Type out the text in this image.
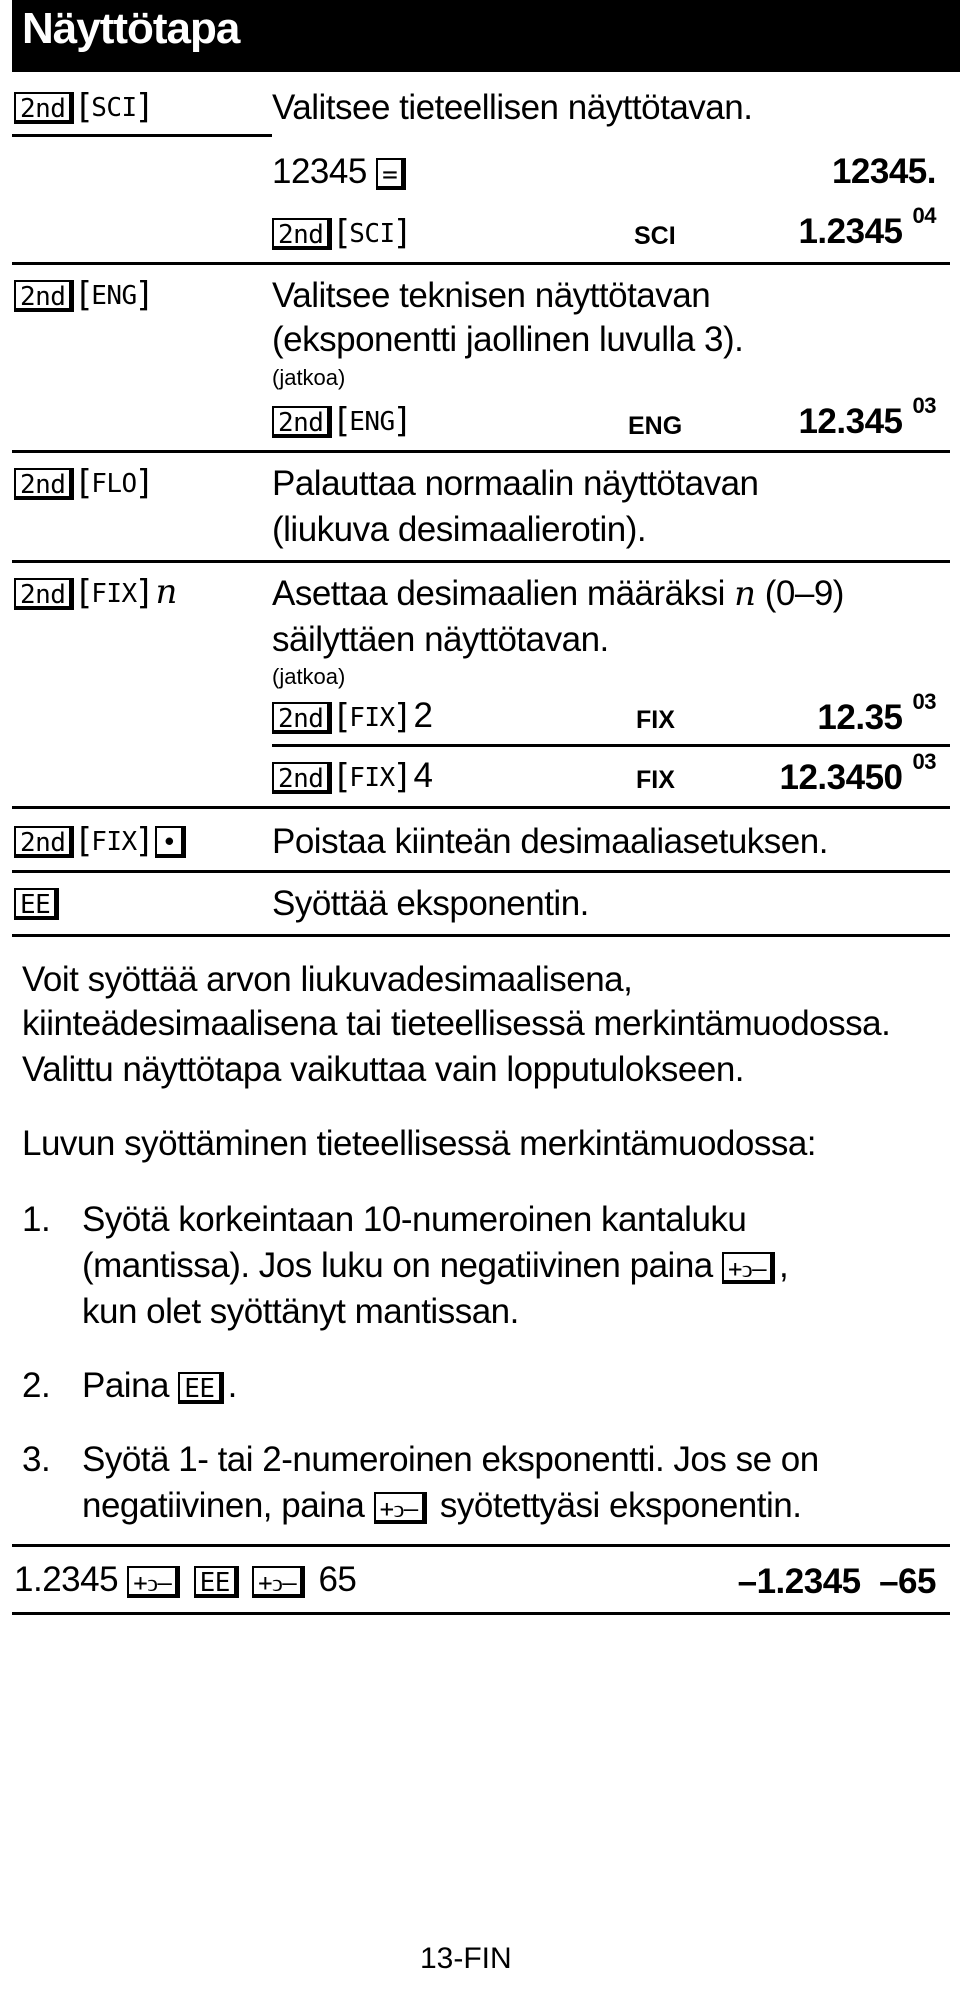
Näyttötapa
2nd [SCI]	Valitsee tieteellisen näyttötavan.
12345 =	12345.
2nd [SCI]	SCI	1.2345 $^{04}$
2nd [ENG]	Valitsee teknisen näyttötavan
(eksponentti jaollinen luvulla 3).
(jatkoa)
2nd [ENG]	ENG	12.345 $^{03}$
2nd [FLO]	Palauttaa normaalin näyttötavan
(liukuva desimaalierotin).
2nd [FIX] n	Asettaa desimaalien määräksi n (0–9)
säilyttäen näyttötavan.
(jatkoa)
2nd [FIX] 2	FIX	12.35 $^{03}$
2nd [FIX] 4	FIX	12.3450 $^{03}$
2nd [FIX] •	Poistaa kiinteän desimaaliasetuksen.
EE	Syöttää eksponentin.
Voit syöttää arvon liukuvadesimaalisena,
kiinteädesimaalisena tai tieteellisessä merkintämuodossa.
Valittu näyttötapa vaikuttaa vain lopputulokseen.
Luvun syöttäminen tieteellisessä merkintämuodossa:
1. Syötä korkeintaan 10-numeroinen kantaluku
(mantissa). Jos luku on negatiivinen paina +ↄ– ,
kun olet syöttänyt mantissan.
2. Paina EE .
3. Syötä 1- tai 2-numeroinen eksponentti. Jos se on
negatiivinen, paina +ↄ– syötettyäsi eksponentin.
1.2345 +ↄ– EE +ↄ– 65	–1.2345  –65
13-FIN
